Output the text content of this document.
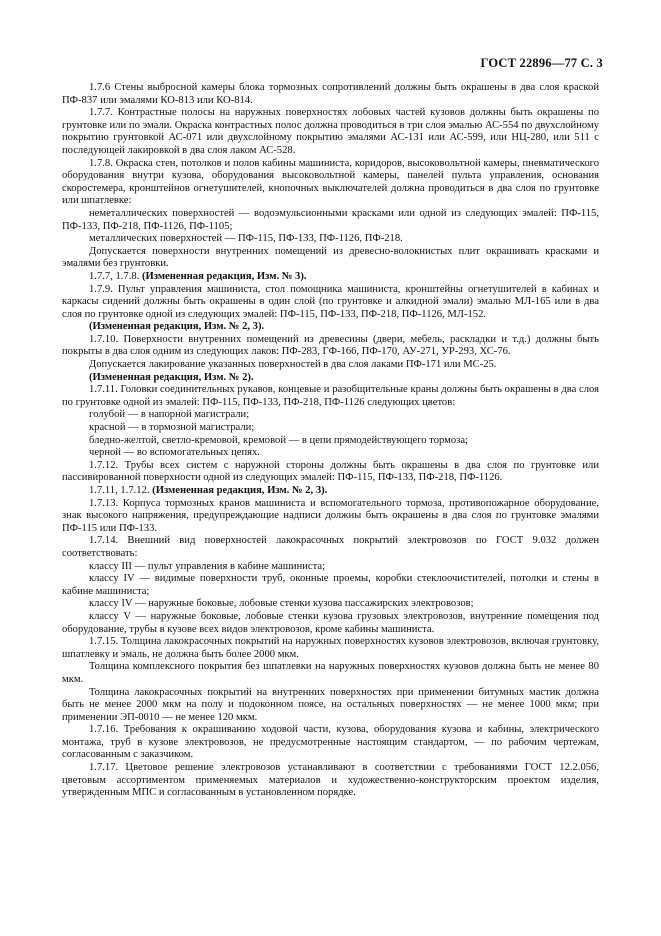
ГОСТ 22896—77 С. 3

1.7.6 Стены выбросной камеры блока тормозных сопротивлений должны быть окрашены в два слоя краской ПФ-837 или эмалями КО-813 или КО-814.

1.7.7. Контрастные полосы на наружных поверхностях лобовых частей кузовов должны быть окрашены по грунтовке или по эмали. Окраска контрастных полос должна проводиться в три слоя эмалью АС-554 по двухслойному покрытию грунтовкой АС-071 или двухслойному покрытию эмалями АС-131 или АС-599, или НЦ-280, или 511 с последующей лакировкой в два слоя лаком АС-528.

1.7.8. Окраска стен, потолков и полов кабины машиниста, коридоров, высоковольтной камеры, пневматического оборудования внутри кузова, оборудования высоковольтной камеры, панелей пульта управления, основания скоростемера, кронштейнов огнетушителей, кнопочных выключателей должна проводиться в два слоя по грунтовке или шпатлевке:

неметаллических поверхностей — водоэмульсионными красками или одной из следующих эмалей: ПФ-115, ПФ-133, ПФ-218, ПФ-1126, ПФ-1105;

металлических поверхностей — ПФ-115, ПФ-133, ПФ-1126, ПФ-218.

Допускается поверхности внутренних помещений из древесно-волокнистых плит окрашивать красками и эмалями без грунтовки.

1.7.7, 1.7.8. (Измененная редакция, Изм. № 3).

1.7.9. Пульт управления машиниста, стол помощника машиниста, кронштейны огнетушителей в кабинах и каркасы сидений должны быть окрашены в один слой (по грунтовке и алкидной эмали) эмалью МЛ-165 или в два слоя по грунтовке одной из следующих эмалей: ПФ-115, ПФ-133, ПФ-218, ПФ-1126, МЛ-152.

(Измененная редакция, Изм. № 2, 3).

1.7.10. Поверхности внутренних помещений из древесины (двери, мебель, раскладки и т.д.) должны быть покрыты в два слоя одним из следующих лаков: ПФ-283, ГФ-166, ПФ-170, АУ-271, УР-293, ХС-76.

Допускается лакирование указанных поверхностей в два слоя лаками ПФ-171 или МС-25.

(Измененная редакция, Изм. № 2).

1.7.11. Головки соединительных рукавов, концевые и разобщительные краны должны быть окрашены в два слоя по грунтовке одной из эмалей: ПФ-115, ПФ-133, ПФ-218, ПФ-1126 следующих цветов:

голубой — в напорной магистрали;

красной — в тормозной магистрали;

бледно-желтой, светло-кремовой, кремовой — в цепи прямодействующего тормоза;

черной — во вспомогательных цепях.

1.7.12. Трубы всех систем с наружной стороны должны быть окрашены в два слоя по грунтовке или пассивированной поверхности одной из следующих эмалей: ПФ-115, ПФ-133, ПФ-218, ПФ-1126.

1.7.11, 1.7.12. (Измененная редакция, Изм. № 2, 3).

1.7.13. Корпуса тормозных кранов машиниста и вспомогательного тормоза, противопожарное оборудование, знак высокого напряжения, предупреждающие надписи должны быть окрашены в два слоя по грунтовке эмалями ПФ-115 или ПФ-133.

1.7.14. Внешний вид поверхностей лакокрасочных покрытий электровозов по ГОСТ 9.032 должен соответствовать:

классу III — пульт управления в кабине машиниста;

классу IV — видимые поверхности труб, оконные проемы, коробки стеклоочистителей, потолки и стены в кабине машиниста;

классу IV — наружные боковые, лобовые стенки кузова пассажирских электровозов;

классу V — наружные боковые, лобовые стенки кузова грузовых электровозов, внутренние помещения под оборудование, трубы в кузове всех видов электровозов, кроме кабины машиниста.

1.7.15. Толщина лакокрасочных покрытий на наружных поверхностях кузовов электровозов, включая грунтовку, шпатлевку и эмаль, не должна быть более 2000 мкм.

Толщина комплексного покрытия без шпатлевки на наружных поверхностях кузовов должна быть не менее 80 мкм.

Толщина лакокрасочных покрытий на внутренних поверхностях при применении битумных мастик должна быть не менее 2000 мкм на полу и подоконном поясе, на остальных поверхностях — не менее 1000 мкм; при применении ЭП-0010 — не менее 120 мкм.

1.7.16. Требования к окрашиванию ходовой части, кузова, оборудования кузова и кабины, электрического монтажа, труб в кузове электровозов, не предусмотренные настоящим стандартом, — по рабочим чертежам, согласованным с заказчиком.

1.7.17. Цветовое решение электровозов устанавливают в соответствии с требованиями ГОСТ 12.2.056, цветовым ассортиментом применяемых материалов и художественно-конструкторским проектом изделия, утвержденным МПС и согласованным в установленном порядке.
